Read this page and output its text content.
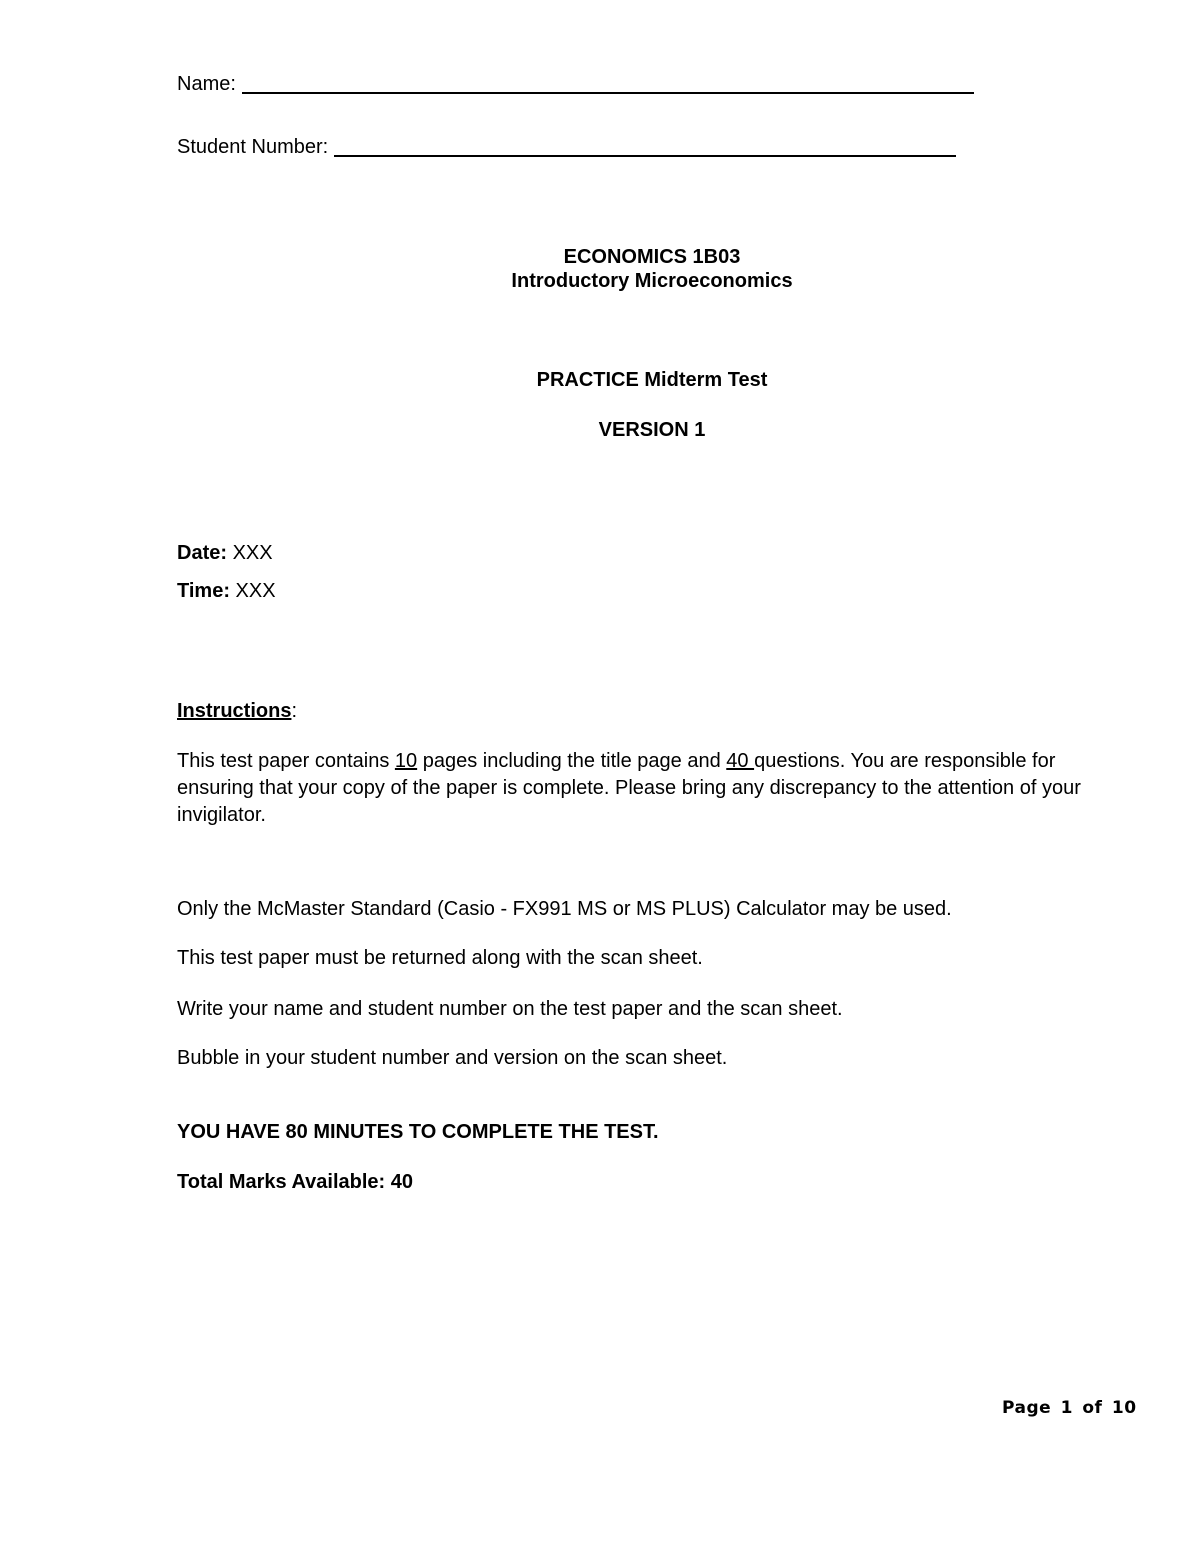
Name:
Student Number:
ECONOMICS 1B03
Introductory Microeconomics
PRACTICE Midterm Test
VERSION 1
Date: XXX
Time: XXX
Instructions:
This test paper contains 10 pages including the title page and 40 questions. You are responsible for ensuring that your copy of the paper is complete. Please bring any discrepancy to the attention of your invigilator.
Only the McMaster Standard (Casio - FX991 MS or MS PLUS) Calculator may be used.
This test paper must be returned along with the scan sheet.
Write your name and student number on the test paper and the scan sheet.
Bubble in your student number and version on the scan sheet.
YOU HAVE 80 MINUTES TO COMPLETE THE TEST.
Total Marks Available: 40
Page 1 of 10
